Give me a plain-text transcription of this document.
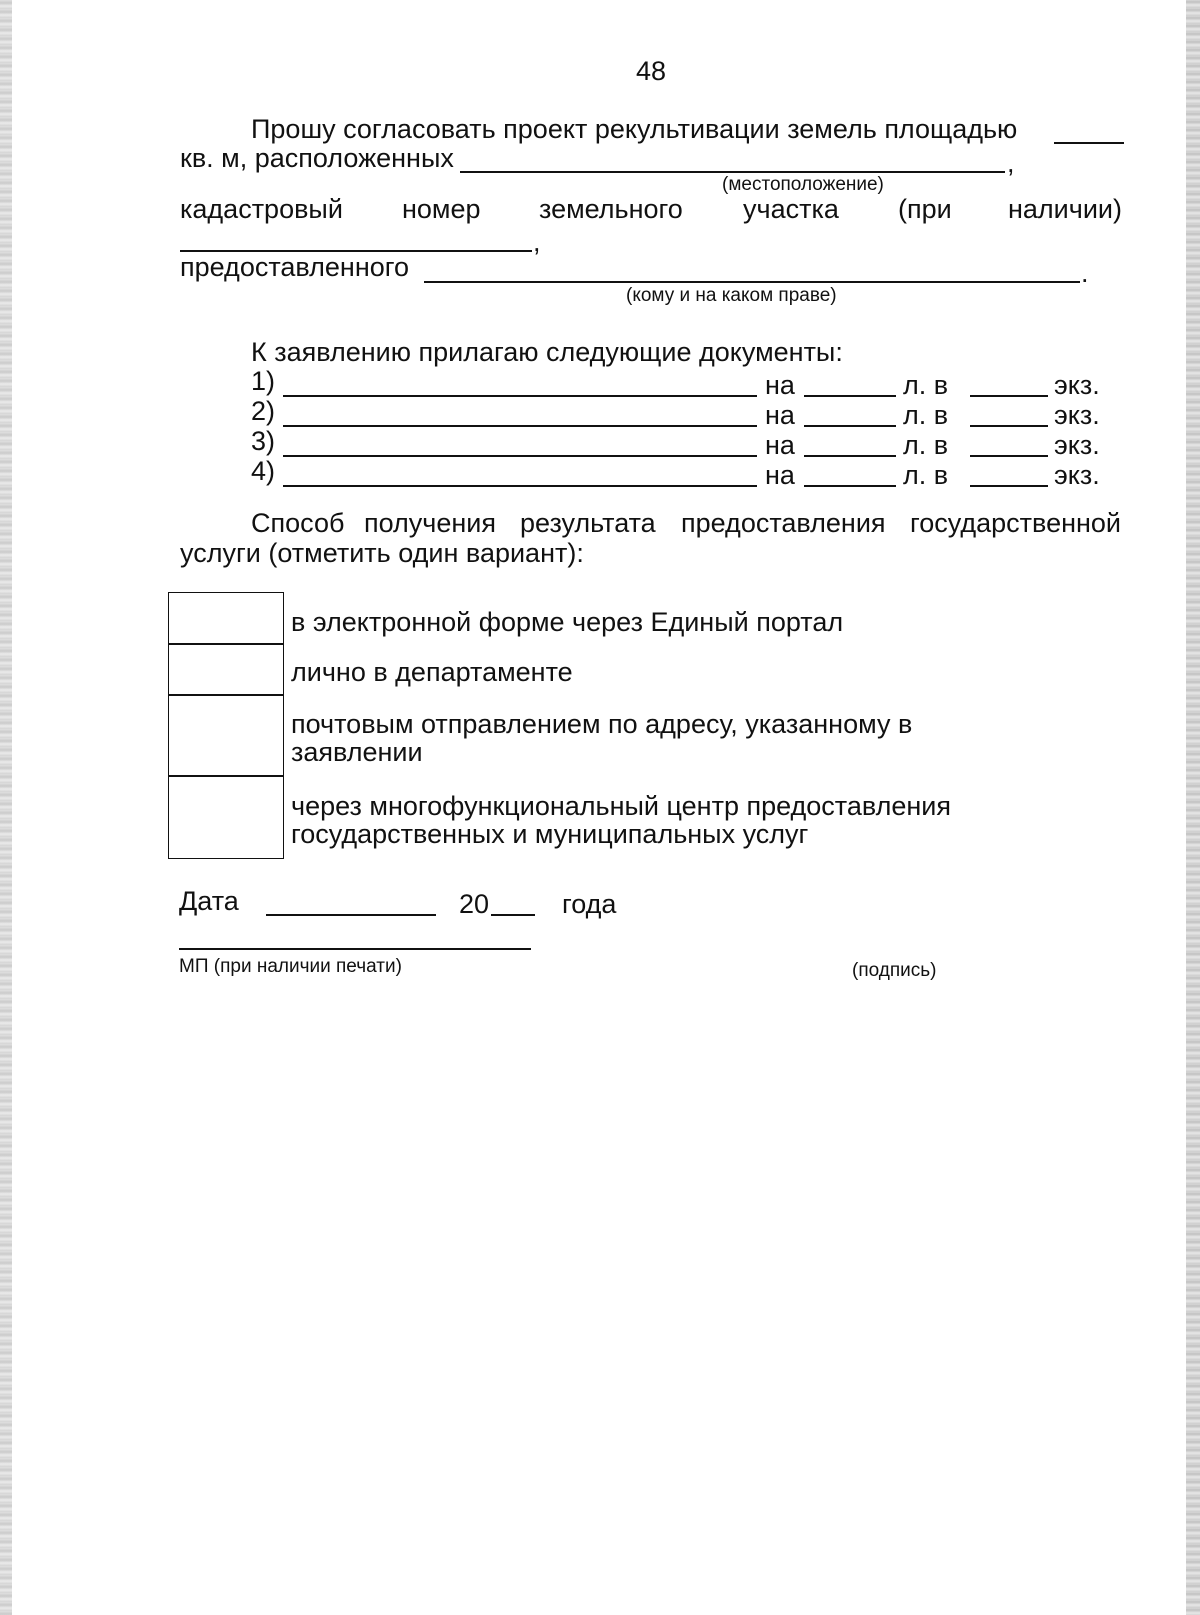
48
Прошу согласовать проект рекультивации земель площадью
кв. м, расположенных	,
(местоположение)
кадастровый номер земельного участка (при наличии)
,
предоставленного	.
(кому и на каком праве)
К заявлению прилагаю следующие документы:
1)	на	л. в	экз.
2)	на	л. в	экз.
3)	на	л. в	экз.
4)	на	л. в	экз.
Способ получения результата предоставления государственной
услуги (отметить один вариант):
в электронной форме через Единый портал
лично в департаменте
почтовым отправлением по адресу, указанному в заявлении
через многофункциональный центр предоставления государственных и муниципальных услуг
Дата	20	года
МП (при наличии печати)	(подпись)
